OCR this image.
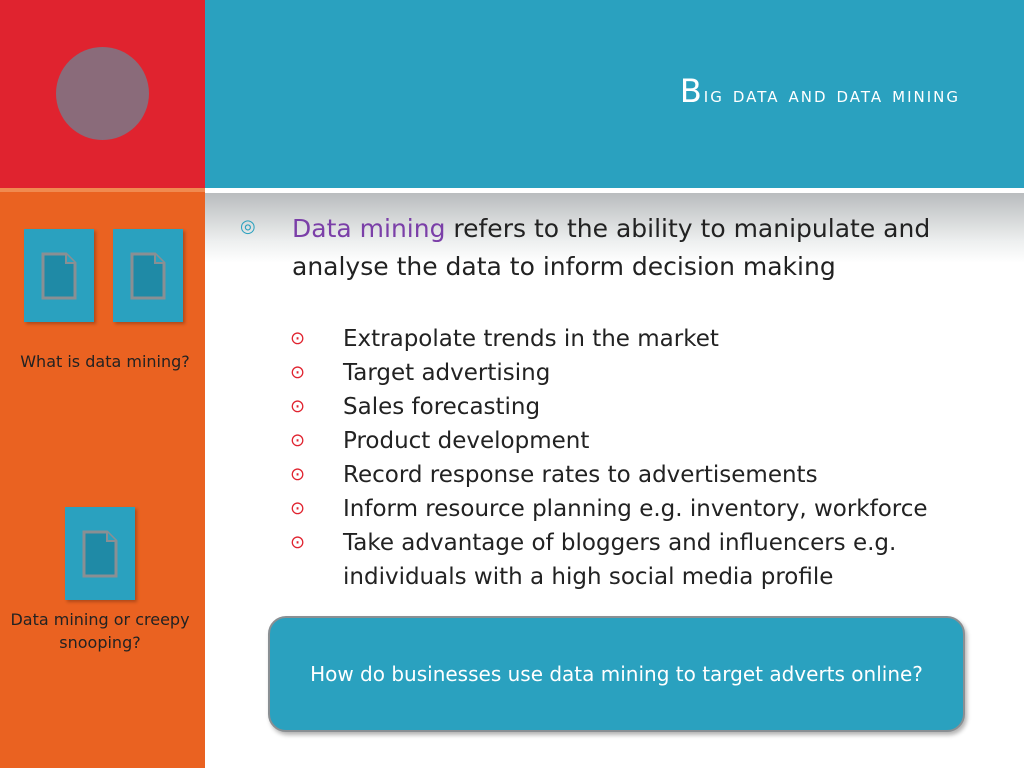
Big data and data mining
What is data mining?
Data mining or creepy snooping?
◎ Data mining refers to the ability to manipulate and analyse the data to inform decision making
⊙ Extrapolate trends in the market
⊙ Target advertising
⊙ Sales forecasting
⊙ Product development
⊙ Record response rates to advertisements
⊙ Inform resource planning e.g. inventory, workforce
⊙ Take advantage of bloggers and influencers e.g. individuals with a high social media profile
How do businesses use data mining to target adverts online?
